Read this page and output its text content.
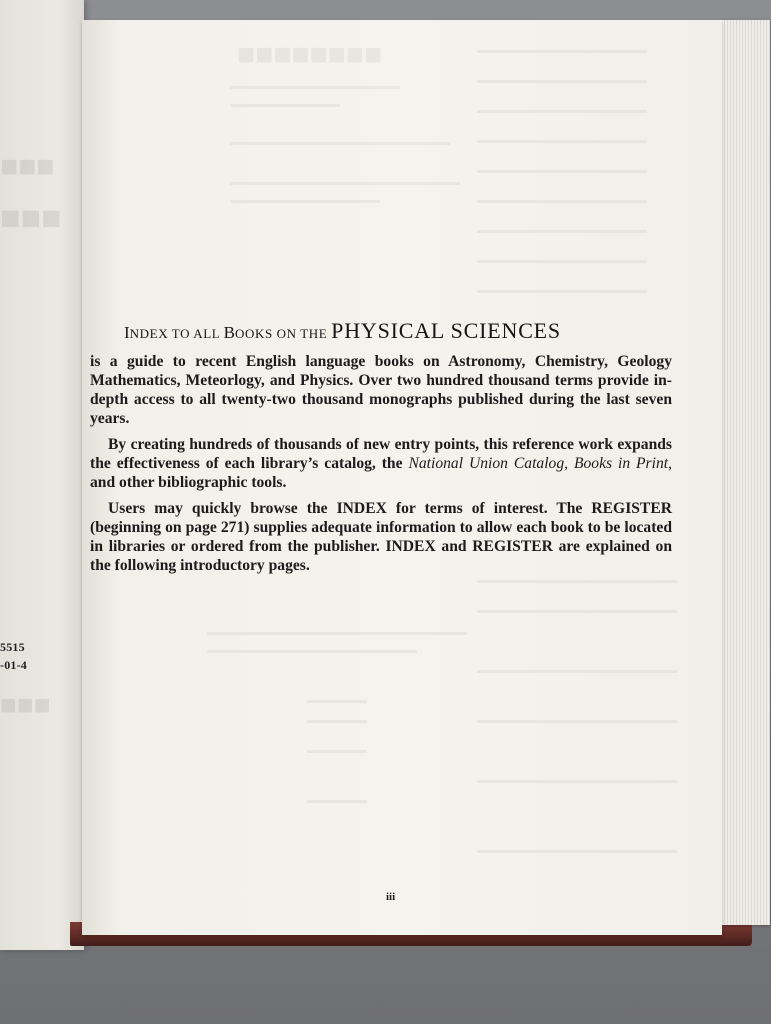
■■■
■■■
■■■
5515
-01-4
■■■■■■■■
INDEX TO ALL BOOKS ON THE PHYSICAL SCIENCES

is a guide to recent English language books on Astronomy, Chemistry, Geology Mathematics, Meteorlogy, and Physics. Over two hundred thousand terms provide in-depth access to all twenty-two thousand monographs published during the last seven years.

By creating hundreds of thousands of new entry points, this reference work expands the effectiveness of each library’s catalog, the National Union Catalog, Books in Print, and other bibliographic tools.

Users may quickly browse the INDEX for terms of interest. The REGISTER (beginning on page 271) supplies adequate information to allow each book to be located in libraries or ordered from the publisher. INDEX and REGISTER are explained on the following introductory pages.

iii
